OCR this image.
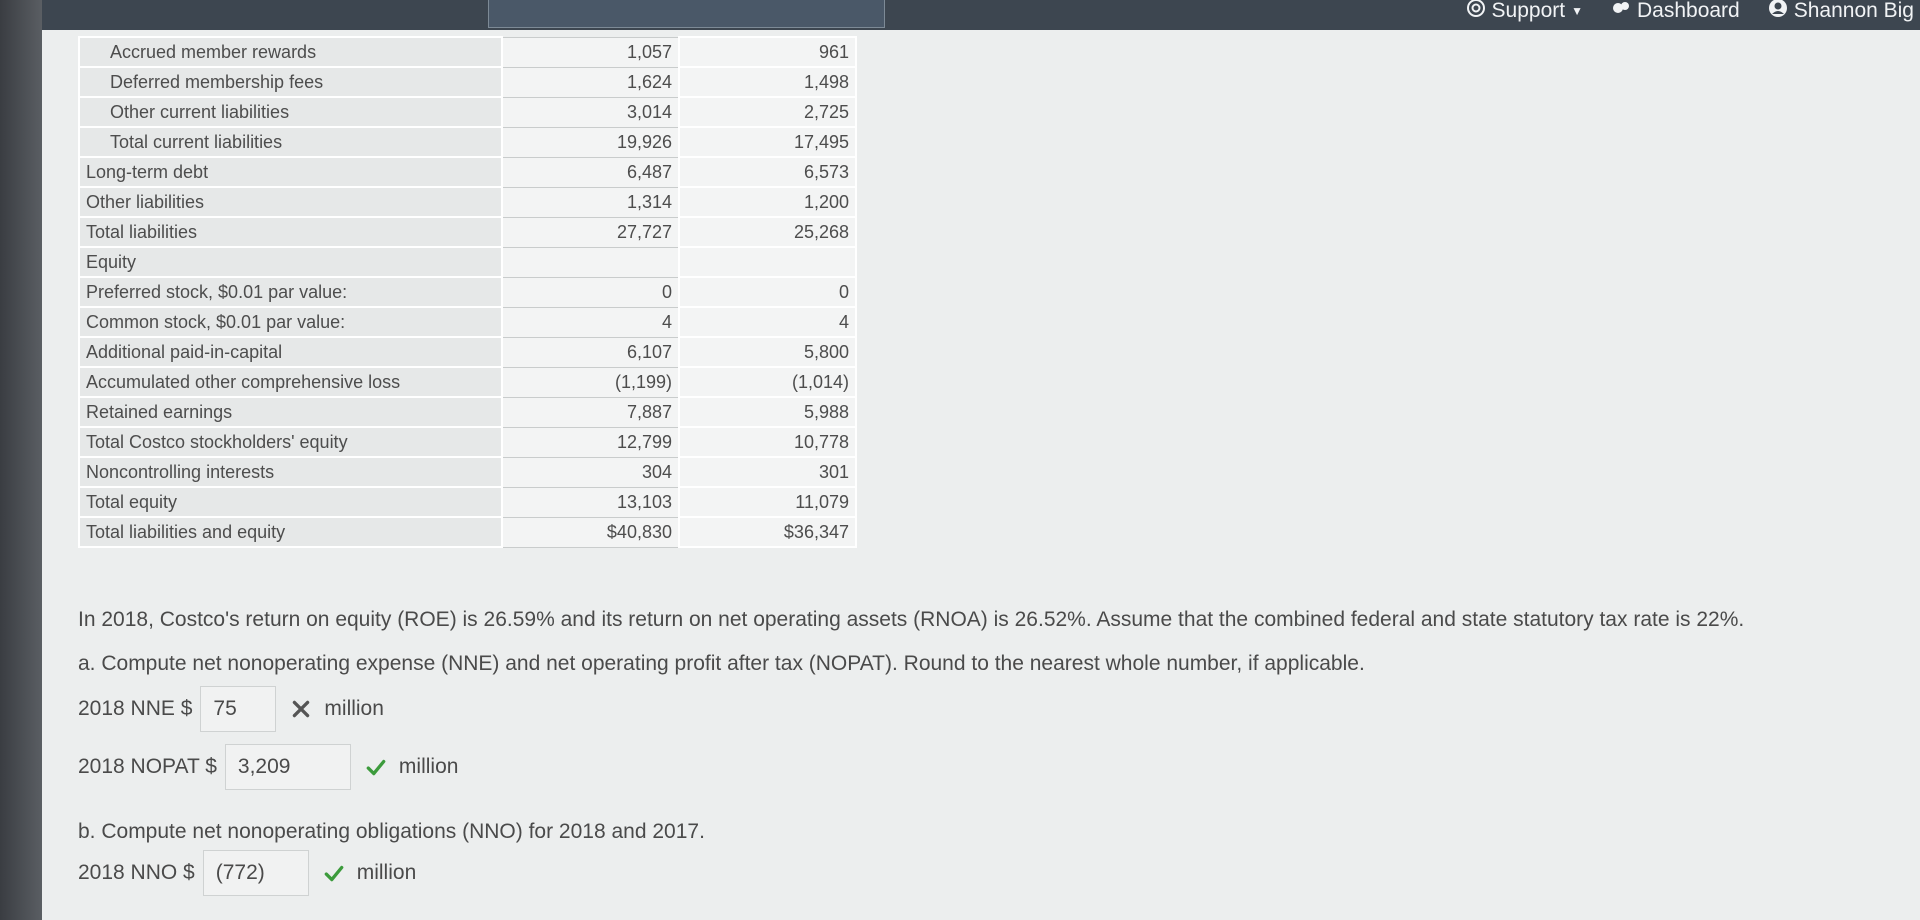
Support ▼	Dashboard	Shannon Big
Accrued member rewards	1,057	961
Deferred membership fees	1,624	1,498
Other current liabilities	3,014	2,725
Total current liabilities	19,926	17,495
Long-term debt	6,487	6,573
Other liabilities	1,314	1,200
Total liabilities	27,727	25,268
Equity		
Preferred stock, $0.01 par value:	0	0
Common stock, $0.01 par value:	4	4
Additional paid-in-capital	6,107	5,800
Accumulated other comprehensive loss	(1,199)	(1,014)
Retained earnings	7,887	5,988
Total Costco stockholders' equity	12,799	10,778
Noncontrolling interests	304	301
Total equity	13,103	11,079
Total liabilities and equity	$40,830	$36,347
In 2018, Costco's return on equity (ROE) is 26.59% and its return on net operating assets (RNOA) is 26.52%. Assume that the combined federal and state statutory tax rate is 22%.
a. Compute net nonoperating expense (NNE) and net operating profit after tax (NOPAT). Round to the nearest whole number, if applicable.
2018 NNE $	75	million
2018 NOPAT $	3,209	million
b. Compute net nonoperating obligations (NNO) for 2018 and 2017.
2018 NNO $	(772)	million
